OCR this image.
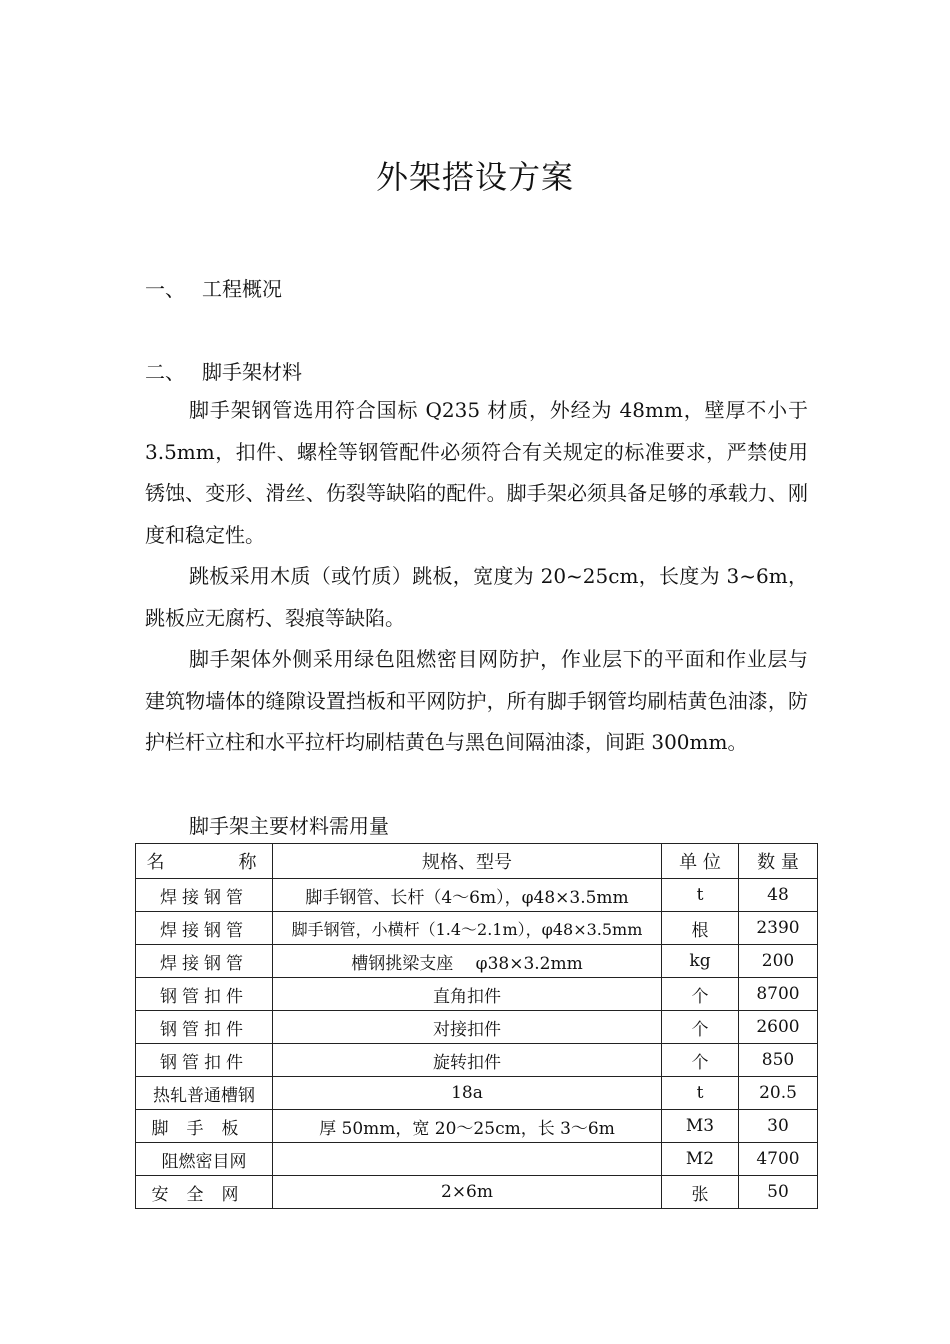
外架搭设方案
一、 工程概况
二、 脚手架材料

脚手架钢管选用符合国标 Q235 材质，外经为 48mm，壁厚不小于 3.5mm，扣件、螺栓等钢管配件必须符合有关规定的标准要求，严禁使用锈蚀、变形、滑丝、伤裂等缺陷的配件。脚手架必须具备足够的承载力、刚度和稳定性。

跳板采用木质（或竹质）跳板，宽度为 20~25cm，长度为 3~6m，跳板应无腐朽、裂痕等缺陷。

脚手架体外侧采用绿色阻燃密目网防护，作业层下的平面和作业层与建筑物墙体的缝隙设置挡板和平网防护，所有脚手钢管均刷桔黄色油漆，防护栏杆立柱和水平拉杆均刷桔黄色与黑色间隔油漆，间距 300mm。

脚手架主要材料需用量
名　　　称	规格、型号	单 位	数 量
焊接钢管	脚手钢管、长杆（4～6m），φ48×3.5mm	t	48
焊接钢管	脚手钢管，小横杆（1.4～2.1m），φ48×3.5mm	根	2390
焊接钢管	槽钢挑梁支座　 φ38×3.2mm	kg	200
钢管扣件	直角扣件	个	8700
钢管扣件	对接扣件	个	2600
钢管扣件	旋转扣件	个	850
热轧普通槽钢	18a	t	20.5
脚手板	厚 50mm，宽 20～25cm，长 3～6m	M3	30
阻燃密目网		M2	4700
安全网	2×6m	张	50
